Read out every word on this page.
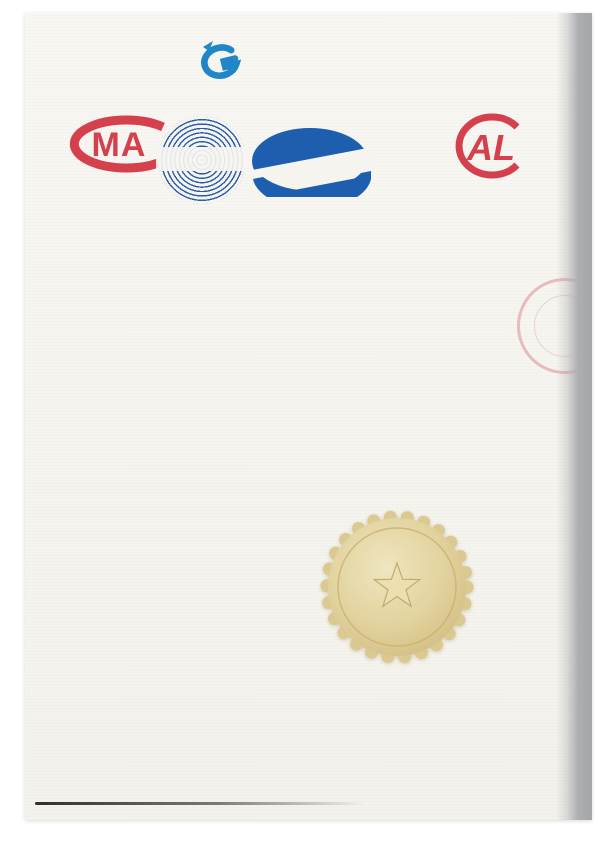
MA	AL
